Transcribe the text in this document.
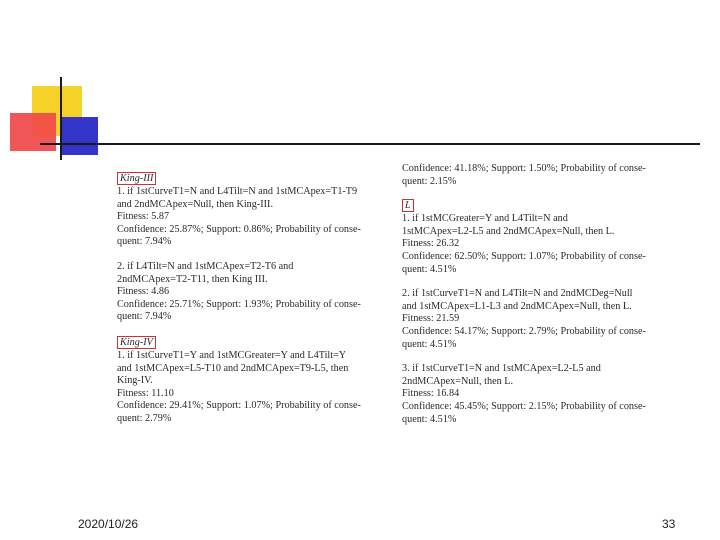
King-III

1. if 1stCurveT1=N and L4Tilt=N and 1stMCApex=T1-T9

and 2ndMCApex=Null, then King-III.

Fitness: 5.87

Confidence: 25.87%; Support: 0.86%; Probability of conse-

quent: 7.94%

2. if L4Tilt=N and 1stMCApex=T2-T6 and

2ndMCApex=T2-T11, then King III.

Fitness: 4.86

Confidence: 25.71%; Support: 1.93%; Probability of conse-

quent: 7.94%

King-IV

1. if 1stCurveT1=Y and 1stMCGreater=Y and L4Tilt=Y

and 1stMCApex=L5-T10 and 2ndMCApex=T9-L5, then

King-IV.

Fitness: 11.10

Confidence: 29.41%; Support: 1.07%; Probability of conse-

quent: 2.79%

Confidence: 41.18%; Support: 1.50%; Probability of conse-

quent: 2.15%

L

1. if 1stMCGreater=Y and L4Tilt=N and

1stMCApex=L2-L5 and 2ndMCApex=Null, then L.

Fitness: 26.32

Confidence: 62.50%; Support: 1.07%; Probability of conse-

quent: 4.51%

2. if 1stCurveT1=N and L4Tilt=N and 2ndMCDeg=Null

and 1stMCApex=L1-L3 and 2ndMCApex=Null, then L.

Fitness: 21.59

Confidence: 54.17%; Support: 2.79%; Probability of conse-

quent: 4.51%

3. if 1stCurveT1=N and 1stMCApex=L2-L5 and

2ndMCApex=Null, then L.

Fitness: 16.84

Confidence: 45.45%; Support: 2.15%; Probability of conse-

quent: 4.51%

2020/10/26	33
